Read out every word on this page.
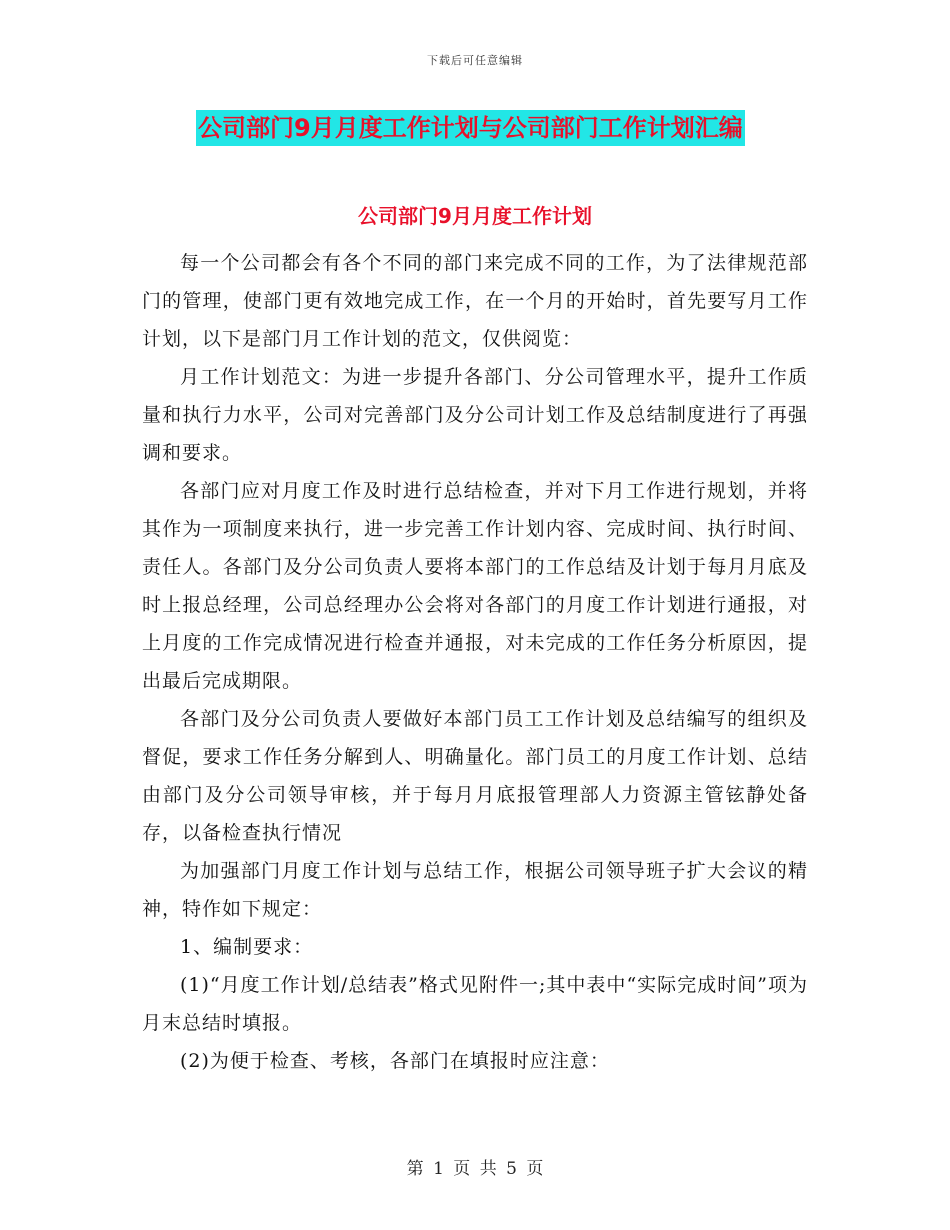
下载后可任意编辑
公司部门9月月度工作计划与公司部门工作计划汇编
公司部门9月月度工作计划

每一个公司都会有各个不同的部门来完成不同的工作，为了法律规范部门的管理，使部门更有效地完成工作，在一个月的开始时，首先要写月工作计划，以下是部门月工作计划的范文，仅供阅览：

月工作计划范文：为进一步提升各部门、分公司管理水平，提升工作质量和执行力水平，公司对完善部门及分公司计划工作及总结制度进行了再强调和要求。

各部门应对月度工作及时进行总结检查，并对下月工作进行规划，并将其作为一项制度来执行，进一步完善工作计划内容、完成时间、执行时间、责任人。各部门及分公司负责人要将本部门的工作总结及计划于每月月底及时上报总经理，公司总经理办公会将对各部门的月度工作计划进行通报，对上月度的工作完成情况进行检查并通报，对未完成的工作任务分析原因，提出最后完成期限。

各部门及分公司负责人要做好本部门员工工作计划及总结编写的组织及督促，要求工作任务分解到人、明确量化。部门员工的月度工作计划、总结由部门及分公司领导审核，并于每月月底报管理部人力资源主管铉静处备存，以备检查执行情况

为加强部门月度工作计划与总结工作，根据公司领导班子扩大会议的精神，特作如下规定：

1、编制要求：

(1)“月度工作计划/总结表”格式见附件一;其中表中“实际完成时间”项为月末总结时填报。

(2)为便于检查、考核，各部门在填报时应注意：

第 1 页 共 5 页
